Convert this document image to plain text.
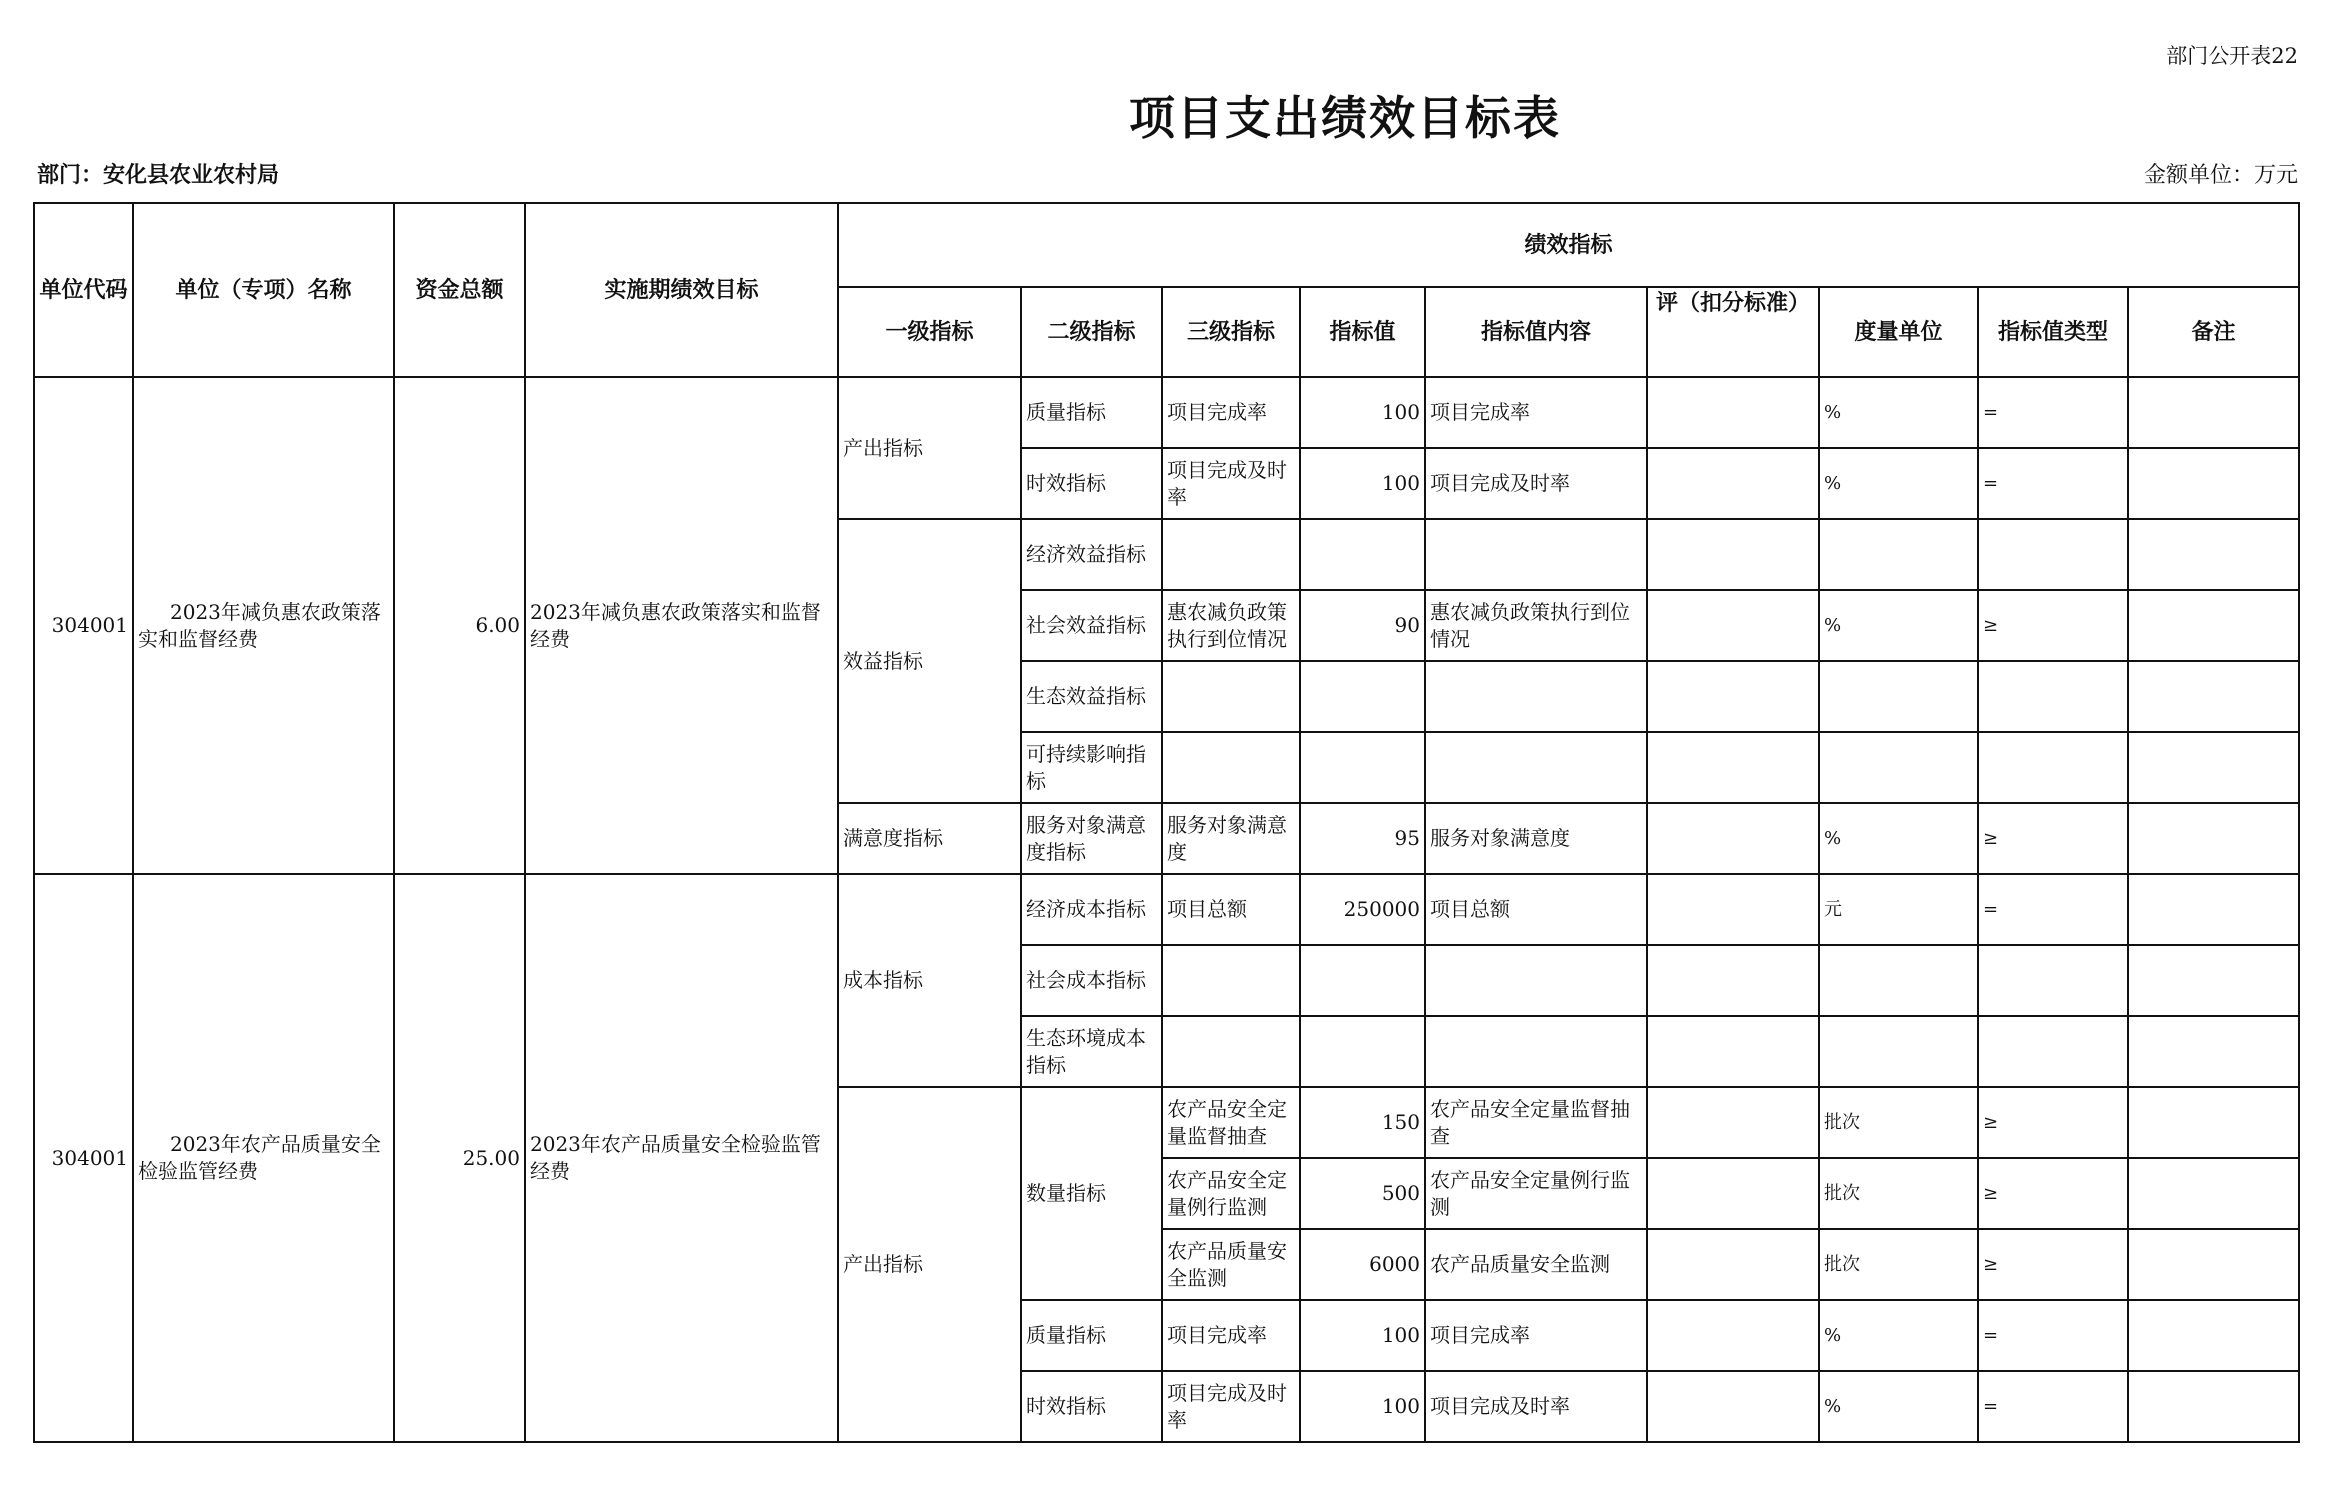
部门公开表22
项目支出绩效目标表
部门：安化县农业农村局	金额单位：万元
单位代码	单位（专项）名称	资金总额	实施期绩效目标	绩效指标								
				一级指标	二级指标	三级指标	指标值	指标值内容	评（扣分标准）	度量单位	指标值类型	备注
304001	2023年减负惠农政策落实和监督经费	6.00	2023年减负惠农政策落实和监督经费	产出指标	质量指标	项目完成率	100	项目完成率		%	=	
					时效指标	项目完成及时率	100	项目完成及时率		%	=	
				效益指标	经济效益指标							
					社会效益指标	惠农减负政策执行到位情况	90	惠农减负政策执行到位情况		%	≥	
					生态效益指标							
					可持续影响指标							
				满意度指标	服务对象满意度指标	服务对象满意度	95	服务对象满意度		%	≥	
304001	2023年农产品质量安全检验监管经费	25.00	2023年农产品质量安全检验监管经费	成本指标	经济成本指标	项目总额	250000	项目总额		元	=	
					社会成本指标							
					生态环境成本指标							
				产出指标	数量指标	农产品安全定量监督抽查	150	农产品安全定量监督抽查		批次	≥	
						农产品安全定量例行监测	500	农产品安全定量例行监测		批次	≥	
						农产品质量安全监测	6000	农产品质量安全监测		批次	≥	
					质量指标	项目完成率	100	项目完成率		%	=	
					时效指标	项目完成及时率	100	项目完成及时率		%	=	
